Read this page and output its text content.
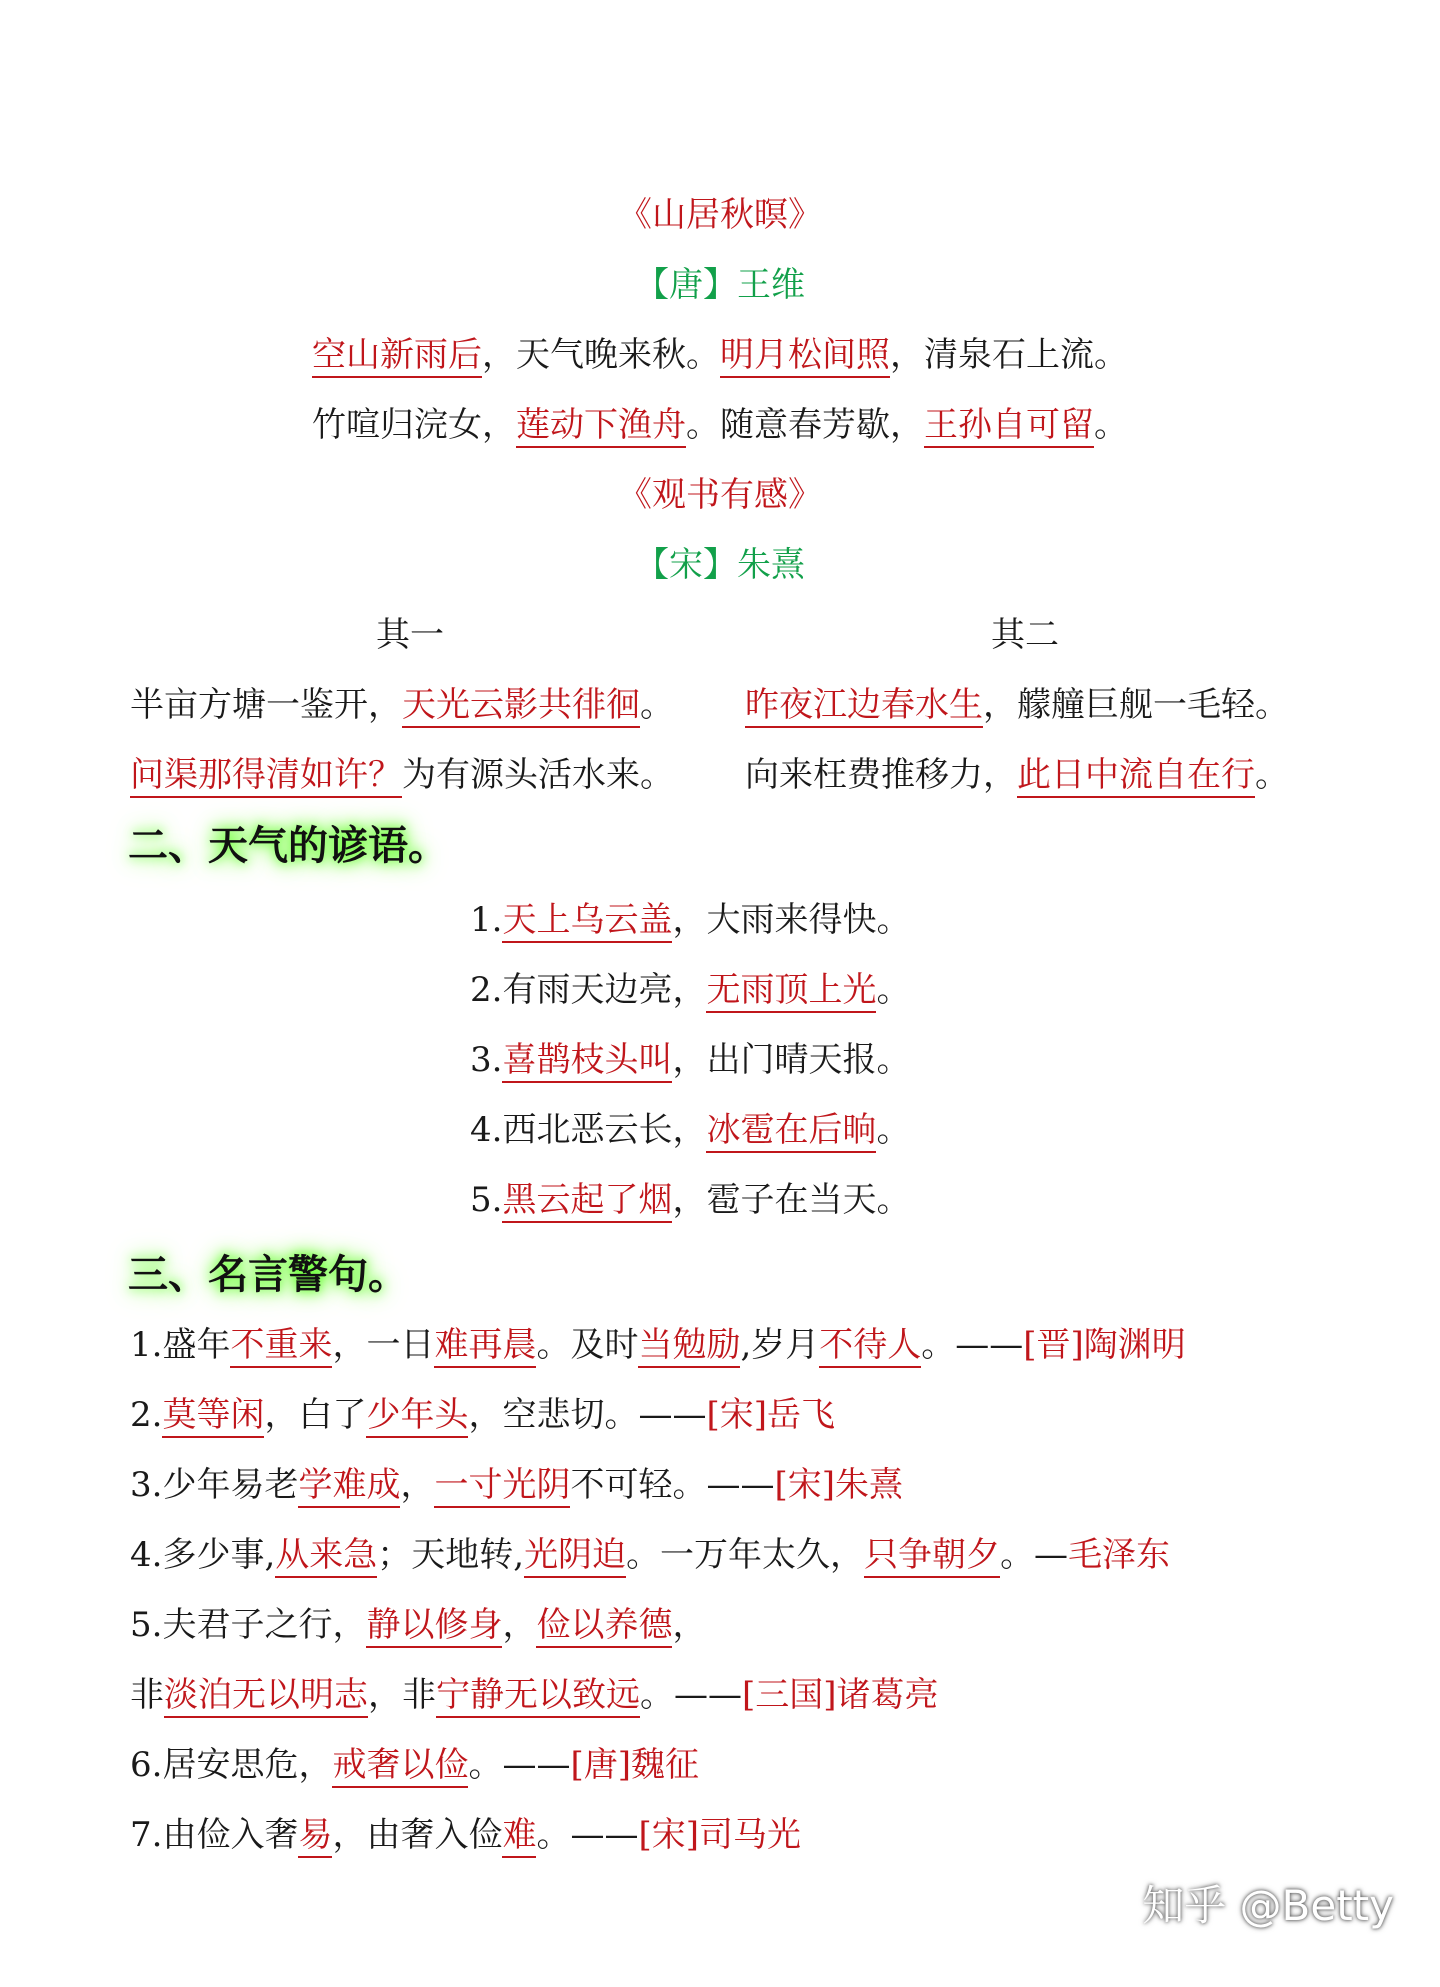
《山居秋暝》
【唐】王维
空山新雨后，天气晚来秋。明月松间照，清泉石上流。
竹喧归浣女，莲动下渔舟。随意春芳歇，王孙自可留。
《观书有感》
【宋】朱熹
其一	其二
半亩方塘一鉴开，天光云影共徘徊。 昨夜江边春水生，艨艟巨舰一毛轻。
问渠那得清如许？为有源头活水来。 向来枉费推移力，此日中流自在行。
二、天气的谚语。
1.天上乌云盖，大雨来得快。
2.有雨天边亮，无雨顶上光。
3.喜鹊枝头叫，出门晴天报。
4.西北恶云长，冰雹在后晌。
5.黑云起了烟，雹子在当天。
三、名言警句。
1.盛年不重来，一日难再晨。及时当勉励,岁月不待人。——[晋]陶渊明
2.莫等闲，白了少年头，空悲切。——[宋]岳飞
3.少年易老学难成，一寸光阴不可轻。——[宋]朱熹
4.多少事,从来急；天地转,光阴迫。一万年太久，只争朝夕。—毛泽东
5.夫君子之行，静以修身，俭以养德，
非淡泊无以明志，非宁静无以致远。——[三国]诸葛亮
6.居安思危，戒奢以俭。——[唐]魏征
7.由俭入奢易，由奢入俭难。——[宋]司马光
知乎 @Betty
